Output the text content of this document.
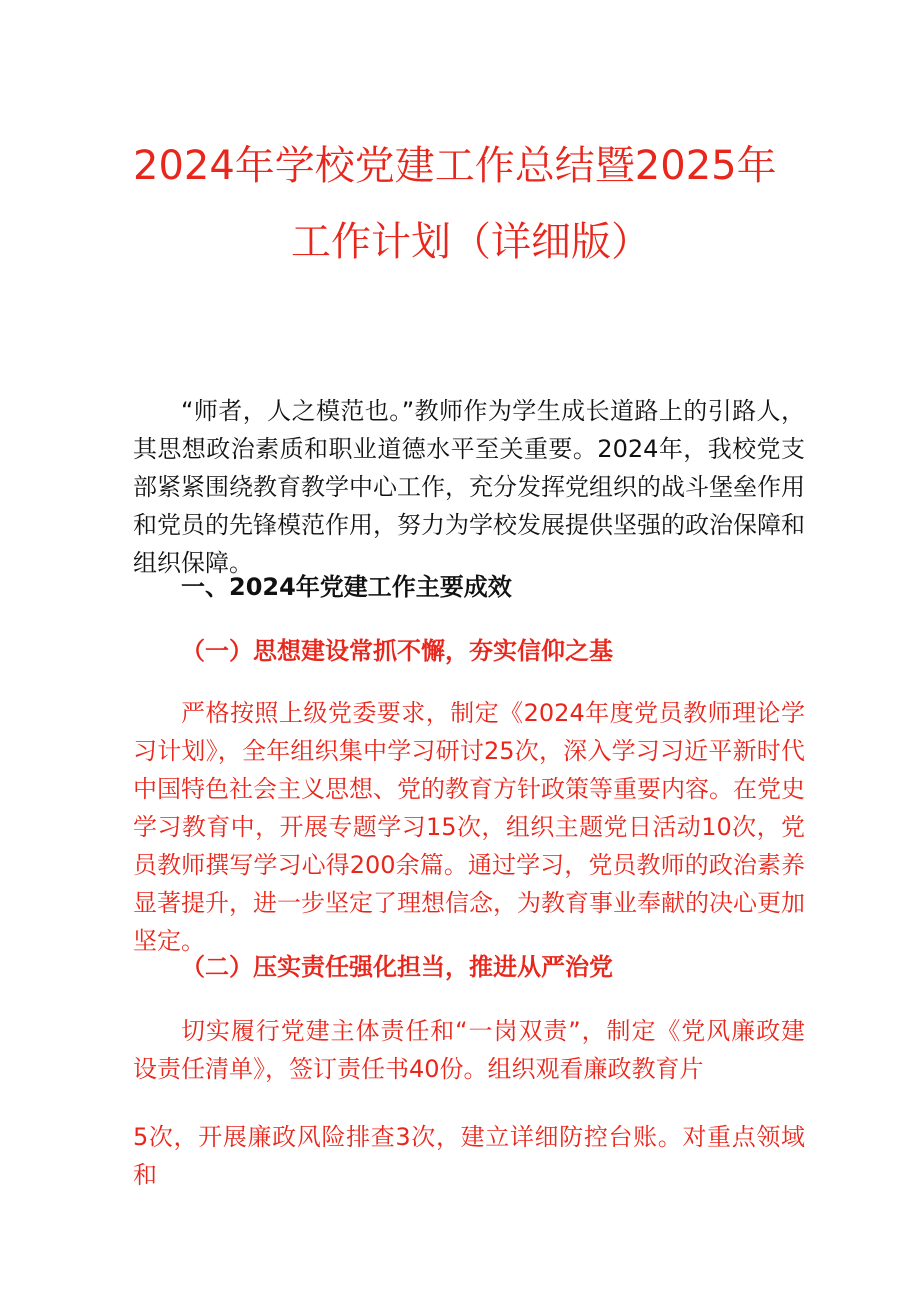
2024年学校党建工作总结暨2025年
工作计划（详细版）

“师者，人之模范也。”教师作为学生成长道路上的引路人，其思想政治素质和职业道德水平至关重要。2024年，我校党支部紧紧围绕教育教学中心工作，充分发挥党组织的战斗堡垒作用和党员的先锋模范作用，努力为学校发展提供坚强的政治保障和组织保障。

一、2024年党建工作主要成效
（一）思想建设常抓不懈，夯实信仰之基

严格按照上级党委要求，制定《2024年度党员教师理论学习计划》，全年组织集中学习研讨25次，深入学习习近平新时代中国特色社会主义思想、党的教育方针政策等重要内容。在党史学习教育中，开展专题学习15次，组织主题党日活动10次，党员教师撰写学习心得200余篇。通过学习，党员教师的政治素养显著提升，进一步坚定了理想信念，为教育事业奉献的决心更加坚定。

（二）压实责任强化担当，推进从严治党

切实履行党建主体责任和“一岗双责”，制定《党风廉政建设责任清单》，签订责任书40份。组织观看廉政教育片

5次，开展廉政风险排查3次，建立详细防控台账。对重点领域和
